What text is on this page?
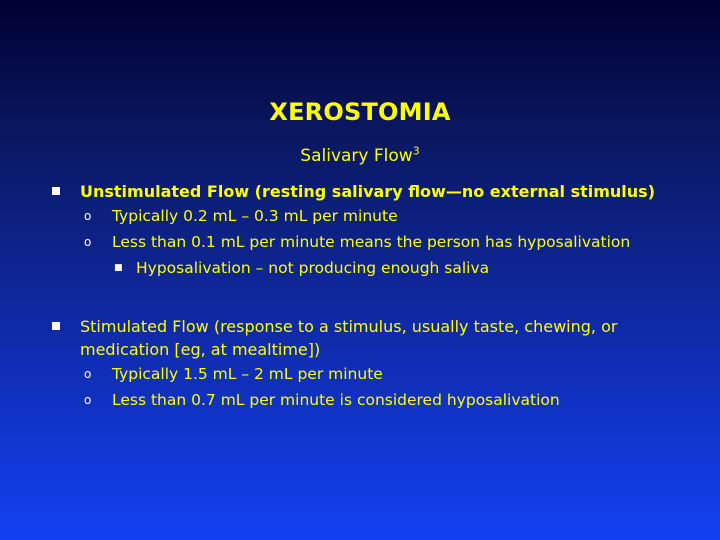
XEROSTOMIA
Salivary Flow$^3$
Unstimulated Flow (resting salivary flow—no external stimulus)
o Typically 0.2 mL – 0.3 mL per minute
o Less than 0.1 mL per minute means the person has hyposalivation
■ Hyposalivation – not producing enough saliva
Stimulated Flow (response to a stimulus, usually taste, chewing, or medication [eg, at mealtime])
o Typically 1.5 mL – 2 mL per minute
o Less than 0.7 mL per minute is considered hyposalivation
